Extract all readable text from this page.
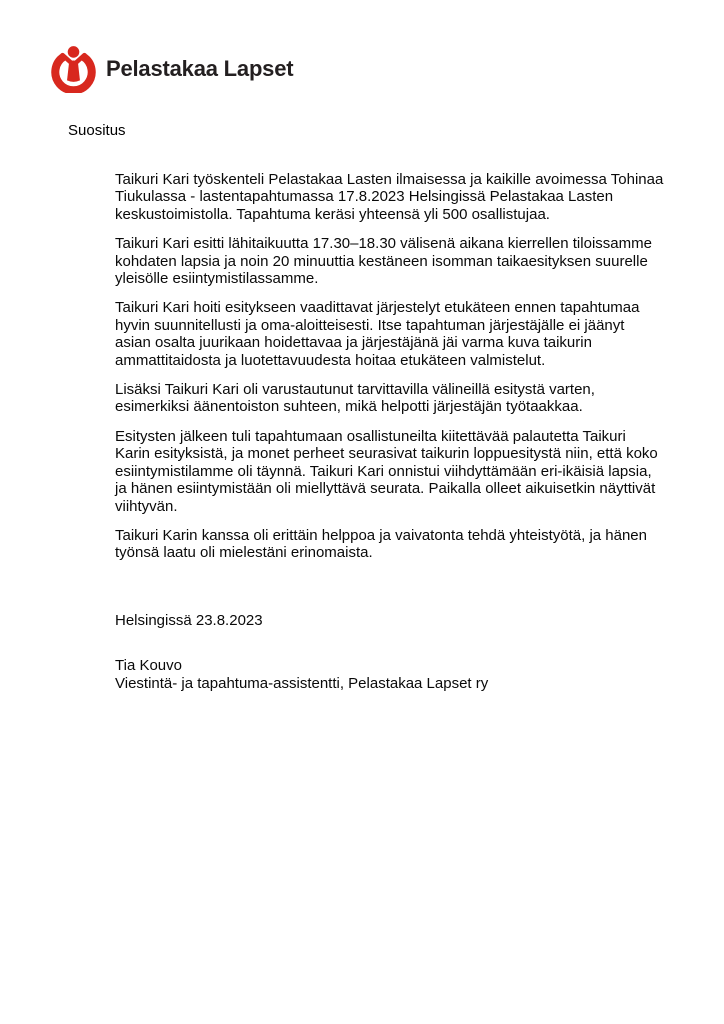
Pelastakaa Lapset
Suositus

Taikuri Kari työskenteli Pelastakaa Lasten ilmaisessa ja kaikille avoimessa Tohinaa Tiukulassa - lastentapahtumassa 17.8.2023 Helsingissä Pelastakaa Lasten keskustoimistolla. Tapahtuma keräsi yhteensä yli 500 osallistujaa.

Taikuri Kari esitti lähitaikuutta 17.30–18.30 välisenä aikana kierrellen tiloissamme kohdaten lapsia ja noin 20 minuuttia kestäneen isomman taikaesityksen suurelle yleisölle esiintymistilassamme.

Taikuri Kari hoiti esitykseen vaadittavat järjestelyt etukäteen ennen tapahtumaa hyvin suunnitellusti ja oma-aloitteisesti. Itse tapahtuman järjestäjälle ei jäänyt asian osalta juurikaan hoidettavaa ja järjestäjänä jäi varma kuva taikurin ammattitaidosta ja luotettavuudesta hoitaa etukäteen valmistelut.

Lisäksi Taikuri Kari oli varustautunut tarvittavilla välineillä esitystä varten, esimerkiksi äänentoiston suhteen, mikä helpotti järjestäjän työtaakkaa.

Esitysten jälkeen tuli tapahtumaan osallistuneilta kiitettävää palautetta Taikuri Karin esityksistä, ja monet perheet seurasivat taikurin loppuesitystä niin, että koko esiintymistilamme oli täynnä. Taikuri Kari onnistui viihdyttämään eri-ikäisiä lapsia, ja hänen esiintymistään oli miellyttävä seurata. Paikalla olleet aikuisetkin näyttivät viihtyvän.

Taikuri Karin kanssa oli erittäin helppoa ja vaivatonta tehdä yhteistyötä, ja hänen työnsä laatu oli mielestäni erinomaista.

Helsingissä 23.8.2023

Tia Kouvo
Viestintä- ja tapahtuma-assistentti, Pelastakaa Lapset ry
